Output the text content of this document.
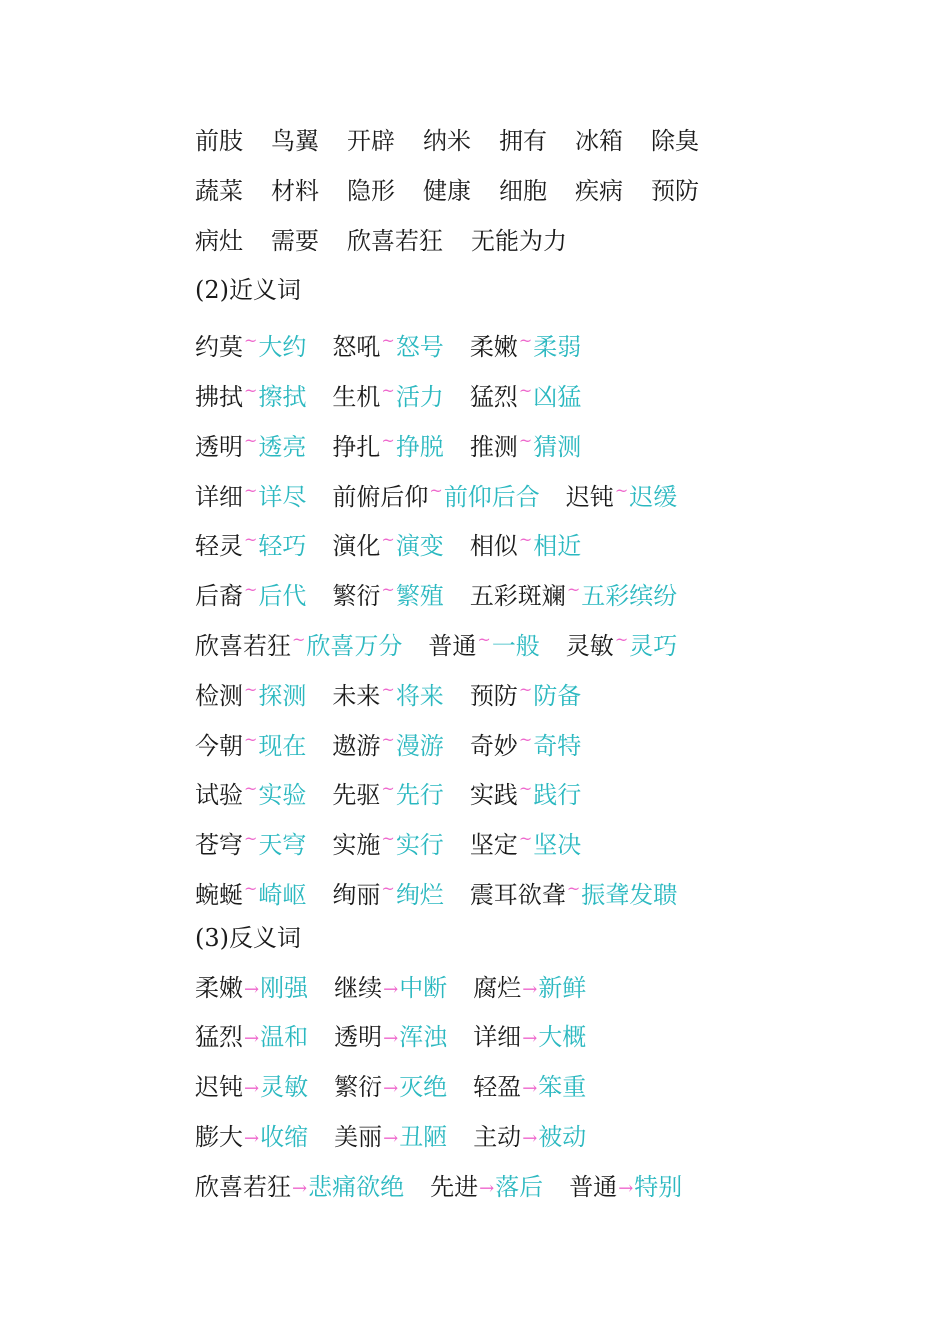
前肢 鸟翼 开辟 纳米 拥有 冰箱 除臭
蔬菜 材料 隐形 健康 细胞 疾病 预防
病灶 需要 欣喜若狂 无能为力
(2)近义词
约莫~大约 怒吼~怒号 柔嫩~柔弱
拂拭~擦拭 生机~活力 猛烈~凶猛
透明~透亮 挣扎~挣脱 推测~猜测
详细~详尽 前俯后仰~前仰后合 迟钝~迟缓
轻灵~轻巧 演化~演变 相似~相近
后裔~后代 繁衍~繁殖 五彩斑斓~五彩缤纷
欣喜若狂~欣喜万分 普通~一般 灵敏~灵巧
检测~探测 未来~将来 预防~防备
今朝~现在 遨游~漫游 奇妙~奇特
试验~实验 先驱~先行 实践~践行
苍穹~天穹 实施~实行 坚定~坚决
蜿蜒~崎岖 绚丽~绚烂 震耳欲聋~振聋发聩
(3)反义词
柔嫩→刚强 继续→中断 腐烂→新鲜
猛烈→温和 透明→浑浊 详细→大概
迟钝→灵敏 繁衍→灭绝 轻盈→笨重
膨大→收缩 美丽→丑陋 主动→被动
欣喜若狂→悲痛欲绝 先进→落后 普通→特别
